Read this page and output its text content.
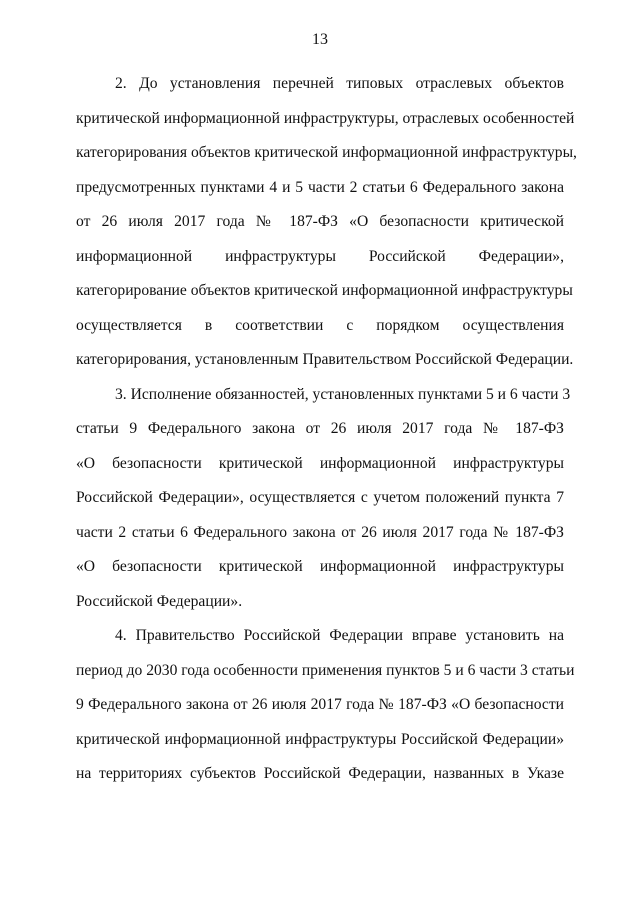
13
2. До установления перечней типовых отраслевых объектов
критической информационной инфраструктуры, отраслевых особенностей
категорирования объектов критической информационной инфраструктуры,
предусмотренных пунктами 4 и 5 части 2 статьи 6 Федерального закона
от 26 июля 2017 года № 187-ФЗ «О безопасности критической
информационной инфраструктуры Российской Федерации»,
категорирование объектов критической информационной инфраструктуры
осуществляется в соответствии с порядком осуществления
категорирования, установленным Правительством Российской Федерации.
3. Исполнение обязанностей, установленных пунктами 5 и 6 части 3
статьи 9 Федерального закона от 26 июля 2017 года № 187-ФЗ
«О безопасности критической информационной инфраструктуры
Российской Федерации», осуществляется с учетом положений пункта 7
части 2 статьи 6 Федерального закона от 26 июля 2017 года № 187-ФЗ
«О безопасности критической информационной инфраструктуры
Российской Федерации».
4. Правительство Российской Федерации вправе установить на
период до 2030 года особенности применения пунктов 5 и 6 части 3 статьи
9 Федерального закона от 26 июля 2017 года № 187-ФЗ «О безопасности
критической информационной инфраструктуры Российской Федерации»
на территориях субъектов Российской Федерации, названных в Указе
